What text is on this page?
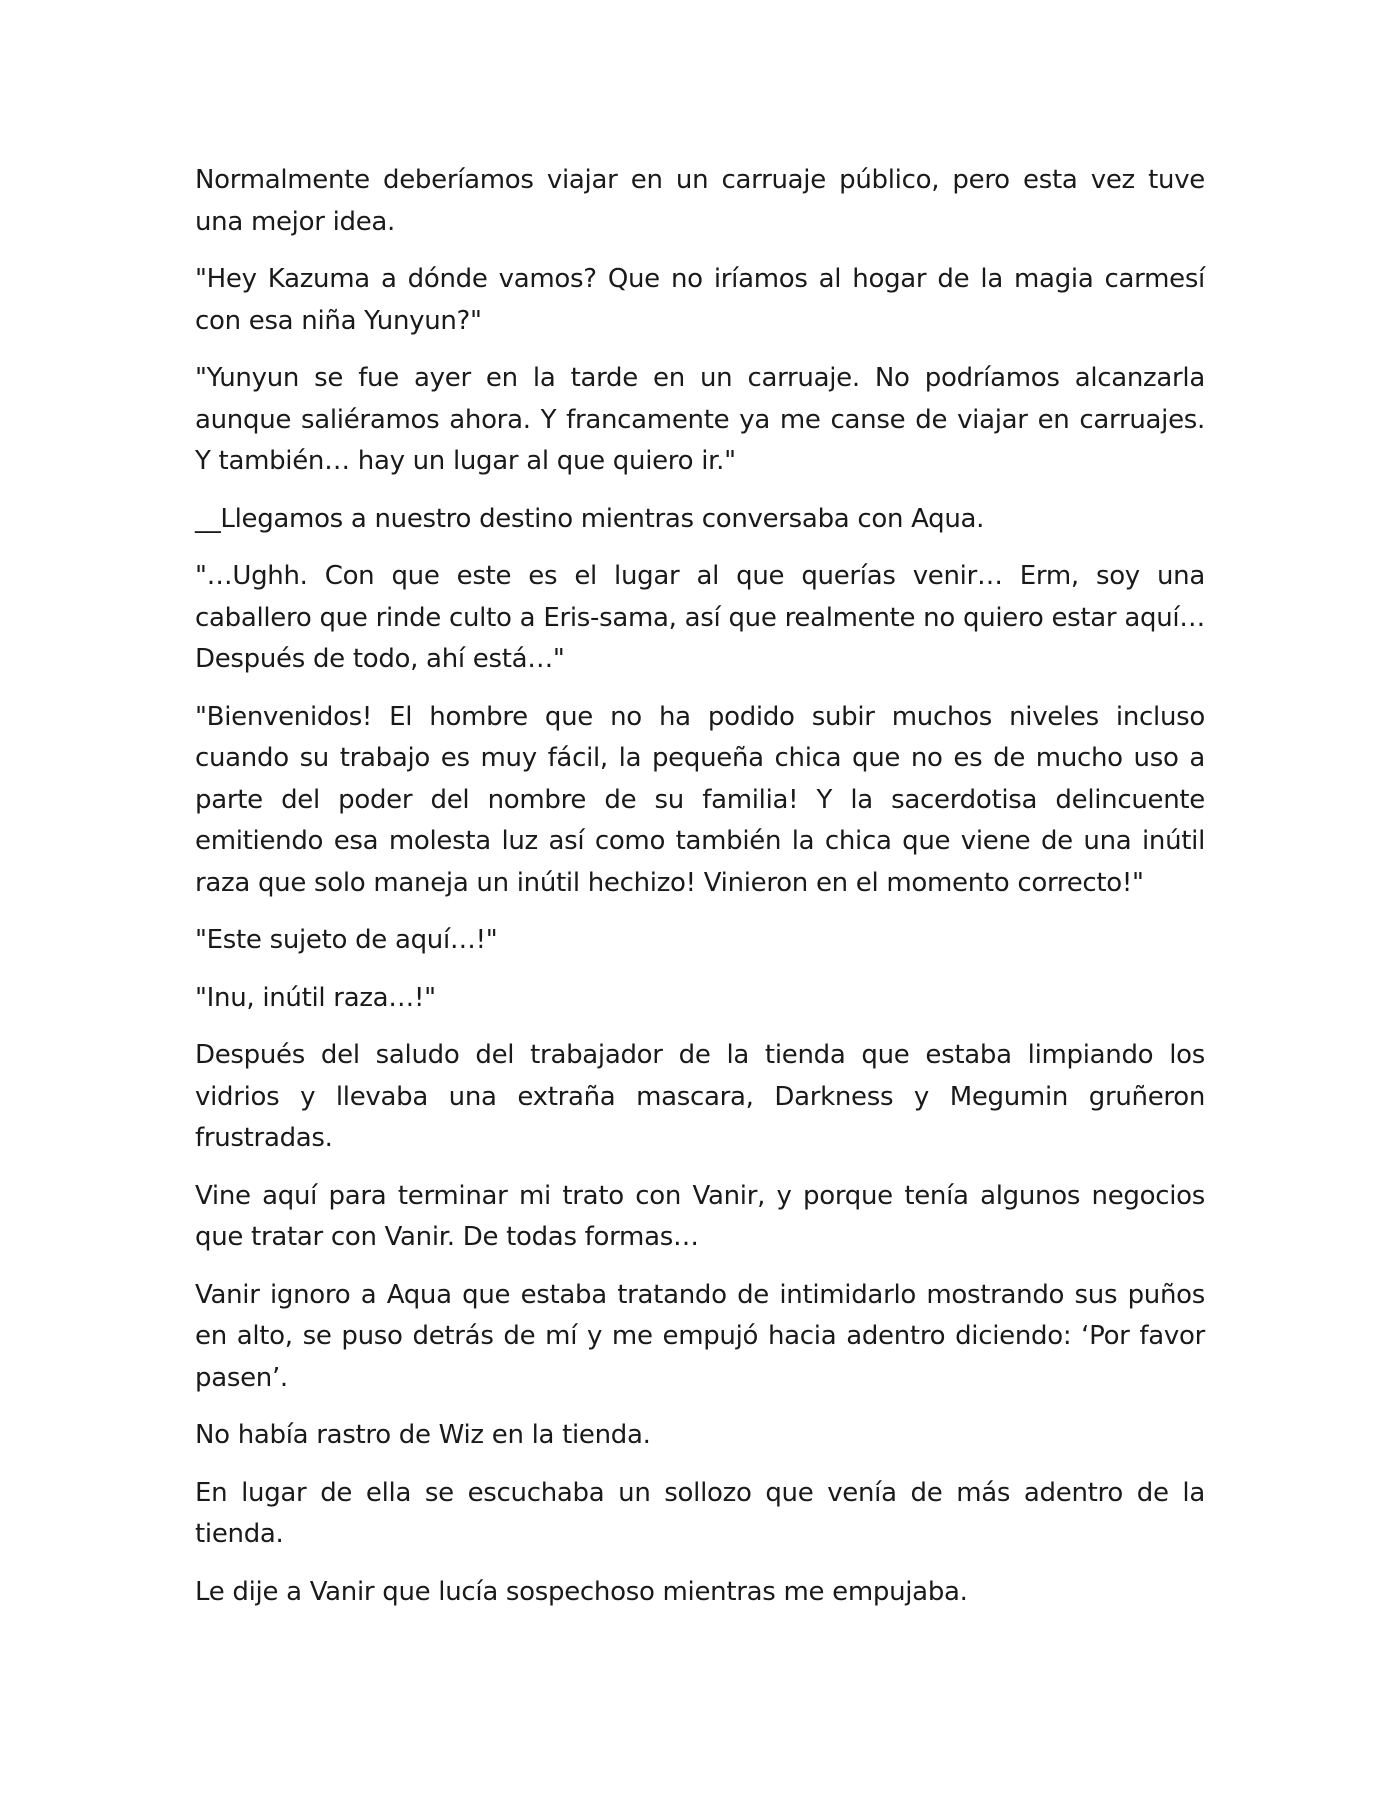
Normalmente deberíamos viajar en un carruaje público, pero esta vez tuve una mejor idea.

"Hey Kazuma a dónde vamos? Que no iríamos al hogar de la magia carmesí con esa niña Yunyun?"

"Yunyun se fue ayer en la tarde en un carruaje. No podríamos alcanzarla aunque saliéramos ahora. Y francamente ya me canse de viajar en carruajes. Y también… hay un lugar al que quiero ir."

__Llegamos a nuestro destino mientras conversaba con Aqua.

"…Ughh. Con que este es el lugar al que querías venir… Erm, soy una caballero que rinde culto a Eris-sama, así que realmente no quiero estar aquí… Después de todo, ahí está…"

"Bienvenidos! El hombre que no ha podido subir muchos niveles incluso cuando su trabajo es muy fácil, la pequeña chica que no es de mucho uso a parte del poder del nombre de su familia! Y la sacerdotisa delincuente emitiendo esa molesta luz así como también la chica que viene de una inútil raza que solo maneja un inútil hechizo! Vinieron en el momento correcto!"

"Este sujeto de aquí…!"

"Inu, inútil raza…!"

Después del saludo del trabajador de la tienda que estaba limpiando los vidrios y llevaba una extraña mascara, Darkness y Megumin gruñeron frustradas.

Vine aquí para terminar mi trato con Vanir, y porque tenía algunos negocios que tratar con Vanir. De todas formas…

Vanir ignoro a Aqua que estaba tratando de intimidarlo mostrando sus puños en alto, se puso detrás de mí y me empujó hacia adentro diciendo: ‘Por favor pasen’.

No había rastro de Wiz en la tienda.

En lugar de ella se escuchaba un sollozo que venía de más adentro de la tienda.

Le dije a Vanir que lucía sospechoso mientras me empujaba.
